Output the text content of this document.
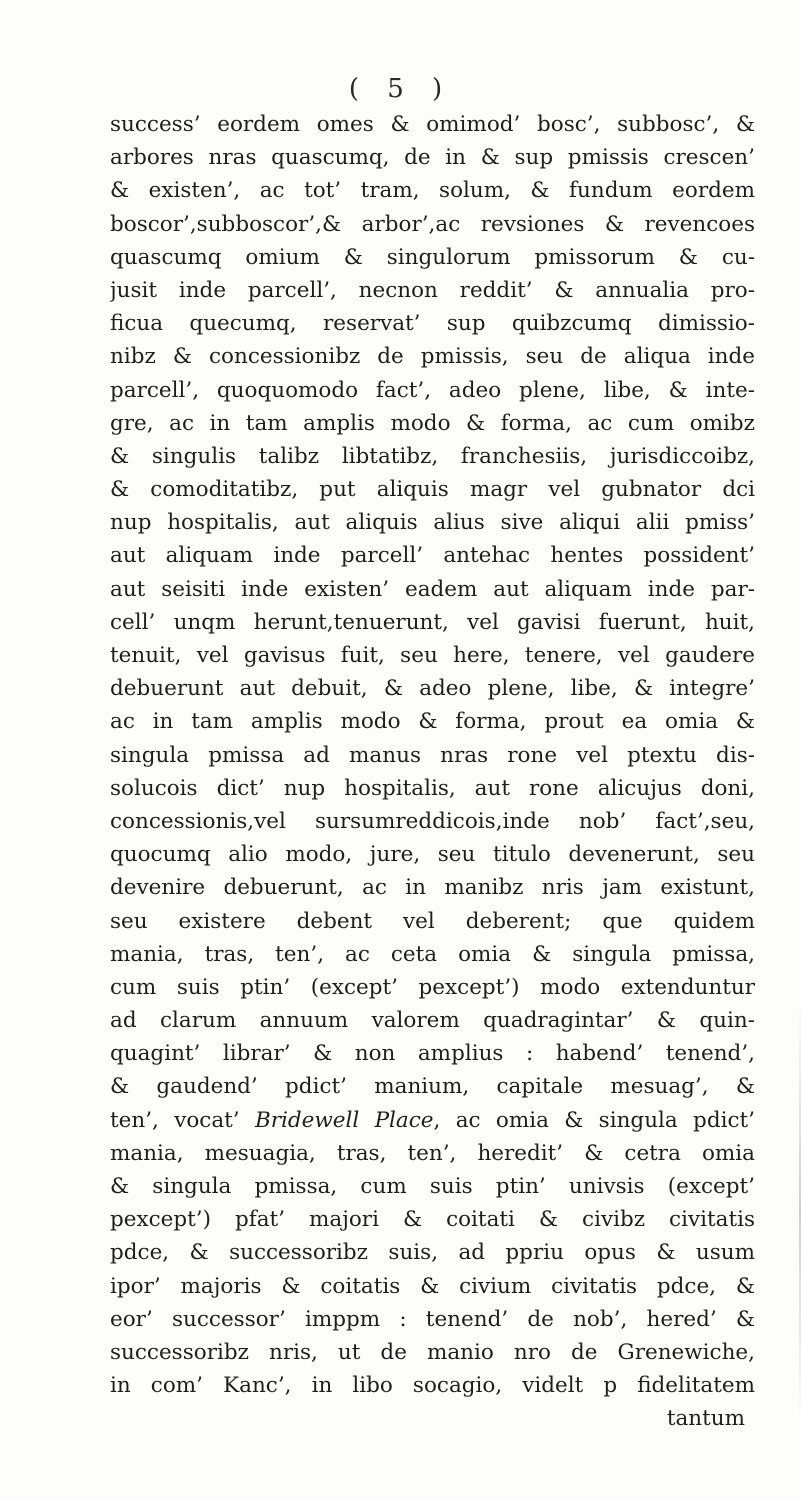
( 5 )
success’ eordem omes & omimod’ bosc’, subbosc’, &
arbores nras quascumq, de in & sup pmissis crescen’
& existen’, ac tot’ tram, solum, & fundum eordem
boscor’,subboscor’,& arbor’,ac revsiones & revencoes
quascumq omium & singulorum pmissorum & cu-
jusit inde parcell’, necnon reddit’ & annualia pro-
ficua quecumq, reservat’ sup quibzcumq dimissio-
nibz & concessionibz de pmissis, seu de aliqua inde
parcell’, quoquomodo fact’, adeo plene, libe, & inte-
gre, ac in tam amplis modo & forma, ac cum omibz
& singulis talibz libtatibz, franchesiis, jurisdiccoibz,
& comoditatibz, put aliquis magr vel gubnator dci
nup hospitalis, aut aliquis alius sive aliqui alii pmiss’
aut aliquam inde parcell’ antehac hentes possident’
aut seisiti inde existen’ eadem aut aliquam inde par-
cell’ unqm herunt,tenuerunt, vel gavisi fuerunt, huit,
tenuit, vel gavisus fuit, seu here, tenere, vel gaudere
debuerunt aut debuit, & adeo plene, libe, & integre’
ac in tam amplis modo & forma, prout ea omia &
singula pmissa ad manus nras rone vel ptextu dis-
solucois dict’ nup hospitalis, aut rone alicujus doni,
concessionis,vel sursumreddicois,inde nob’ fact’,seu,
quocumq alio modo, jure, seu titulo devenerunt, seu
devenire debuerunt, ac in manibz nris jam existunt,
seu existere debent vel deberent; que quidem
mania, tras, ten’, ac ceta omia & singula pmissa,
cum suis ptin’ (except’ pexcept’) modo extenduntur
ad clarum annuum valorem quadragintar’ & quin-
quagint’ librar’ & non amplius : habend’ tenend’,
& gaudend’ pdict’ manium, capitale mesuag’, &
ten’, vocat’ Bridewell Place, ac omia & singula pdict’
mania, mesuagia, tras, ten’, heredit’ & cetra omia
& singula pmissa, cum suis ptin’ univsis (except’
pexcept’) pfat’ majori & coitati & civibz civitatis
pdce, & successoribz suis, ad ppriu opus & usum
ipor’ majoris & coitatis & civium civitatis pdce, &
eor’ successor’ imppm : tenend’ de nob’, hered’ &
successoribz nris, ut de manio nro de Grenewiche,
in com’ Kanc’, in libo socagio, videlt p fidelitatem
tantum
